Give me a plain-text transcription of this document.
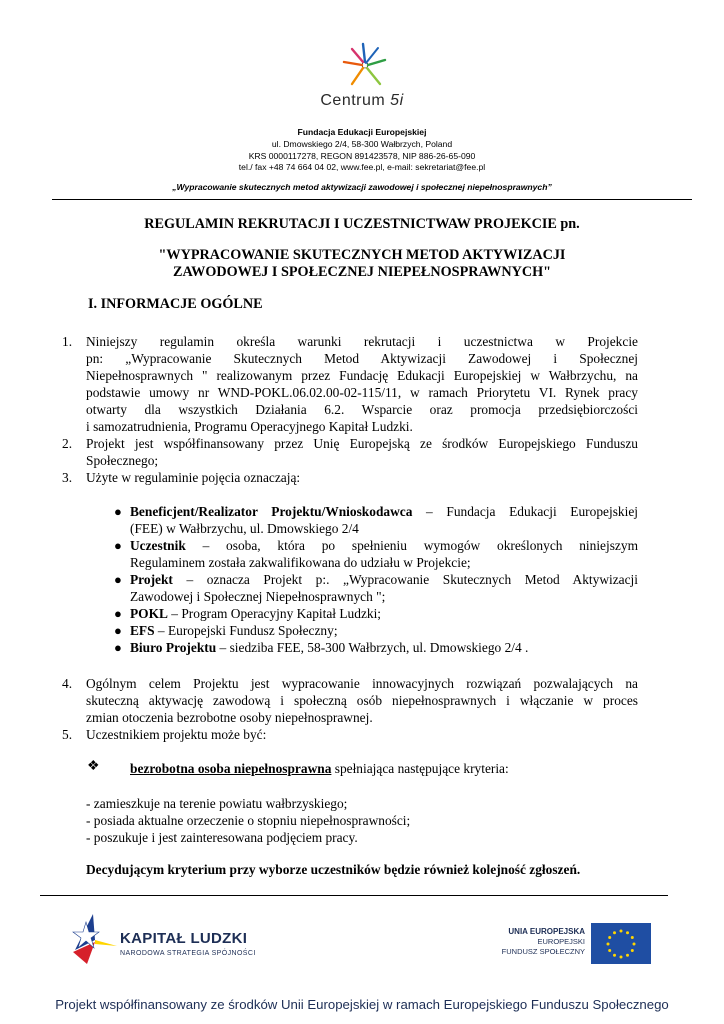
Centrum 5i
Fundacja Edukacji Europejskiej
ul. Dmowskiego 2/4, 58-300 Wałbrzych, Poland
KRS 0000117278, REGON 891423578, NIP 886-26-65-090
tel./ fax +48 74 664 04 02, www.fee.pl, e-mail: sekretariat@fee.pl
„Wypracowanie skutecznych metod aktywizacji zawodowej i społecznej niepełnosprawnych”
REGULAMIN REKRUTACJI I UCZESTNICTWAW PROJEKCIE pn.
"WYPRACOWANIE SKUTECZNYCH METOD AKTYWIZACJI
ZAWODOWEJ I SPOŁECZNEJ NIEPEŁNOSPRAWNYCH"
I. INFORMACJE OGÓLNE
1. Niniejszy regulamin określa warunki rekrutacji i uczestnictwa w Projekcie
pn: „Wypracowanie Skutecznych Metod Aktywizacji Zawodowej i Społecznej
Niepełnosprawnych " realizowanym przez Fundację Edukacji Europejskiej w Wałbrzychu, na
podstawie umowy nr WND-POKL.06.02.00-02-115/11, w ramach Priorytetu VI. Rynek pracy
otwarty dla wszystkich Działania 6.2. Wsparcie oraz promocja przedsiębiorczości
i samozatrudnienia, Programu Operacyjnego Kapitał Ludzki.
2. Projekt jest współfinansowany przez Unię Europejską ze środków Europejskiego Funduszu
Społecznego;
3. Użyte w regulaminie pojęcia oznaczają:
● Beneficjent/Realizator Projektu/Wnioskodawca – Fundacja Edukacji Europejskiej
(FEE) w Wałbrzychu, ul. Dmowskiego 2/4
● Uczestnik – osoba, która po spełnieniu wymogów określonych niniejszym
Regulaminem została zakwalifikowana do udziału w Projekcie;
● Projekt – oznacza Projekt p:. „Wypracowanie Skutecznych Metod Aktywizacji
Zawodowej i Społecznej Niepełnosprawnych ";
● POKL – Program Operacyjny Kapitał Ludzki;
● EFS – Europejski Fundusz Społeczny;
● Biuro Projektu – siedziba FEE, 58-300 Wałbrzych, ul. Dmowskiego 2/4 .
4. Ogólnym celem Projektu jest wypracowanie innowacyjnych rozwiązań pozwalających na
skuteczną aktywację zawodową i społeczną osób niepełnosprawnych i włączanie w proces
zmian otoczenia bezrobotne osoby niepełnosprawnej.
5. Uczestnikiem projektu może być:
❖ bezrobotna osoba niepełnosprawna spełniająca następujące kryteria:
- zamieszkuje na terenie powiatu wałbrzyskiego;
- posiada aktualne orzeczenie o stopniu niepełnosprawności;
- poszukuje i jest zainteresowana podjęciem pracy.
Decydującym kryterium przy wyborze uczestników będzie również kolejność zgłoszeń.
KAPITAŁ LUDZKI
NARODOWA STRATEGIA SPÓJNOŚCI
UNIA EUROPEJSKA
EUROPEJSKI
FUNDUSZ SPOŁECZNY
Projekt współfinansowany ze środków Unii Europejskiej w ramach Europejskiego Funduszu Społecznego
